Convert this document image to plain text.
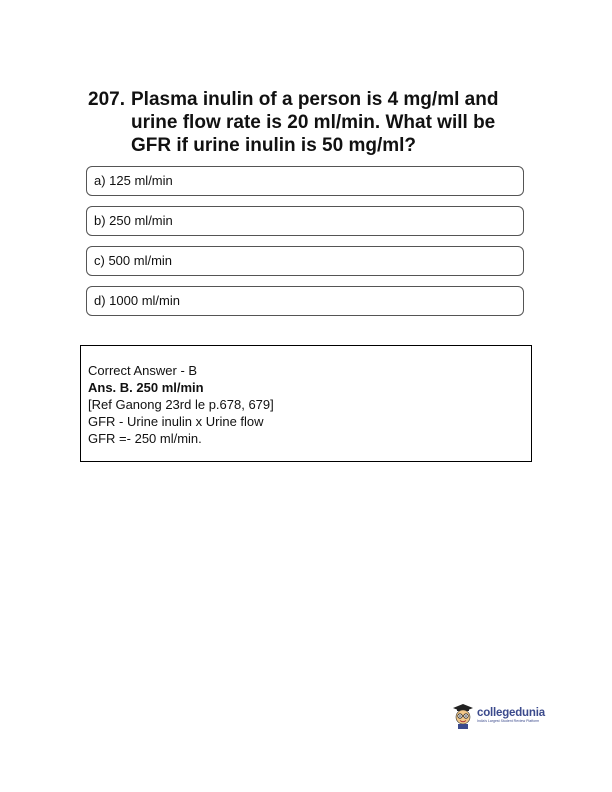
207. Plasma inulin of a person is 4 mg/ml and urine flow rate is 20 ml/min. What will be GFR if urine inulin is 50 mg/ml?
a) 125 ml/min
b) 250 ml/min
c) 500 ml/min
d) 1000 ml/min
Correct Answer - B
Ans. B. 250 ml/min
[Ref Ganong 23rd le p.678, 679]
GFR - Urine inulin x Urine flow
GFR =- 250 ml/min.
collegedunia
India's Largest Student Review Platform
